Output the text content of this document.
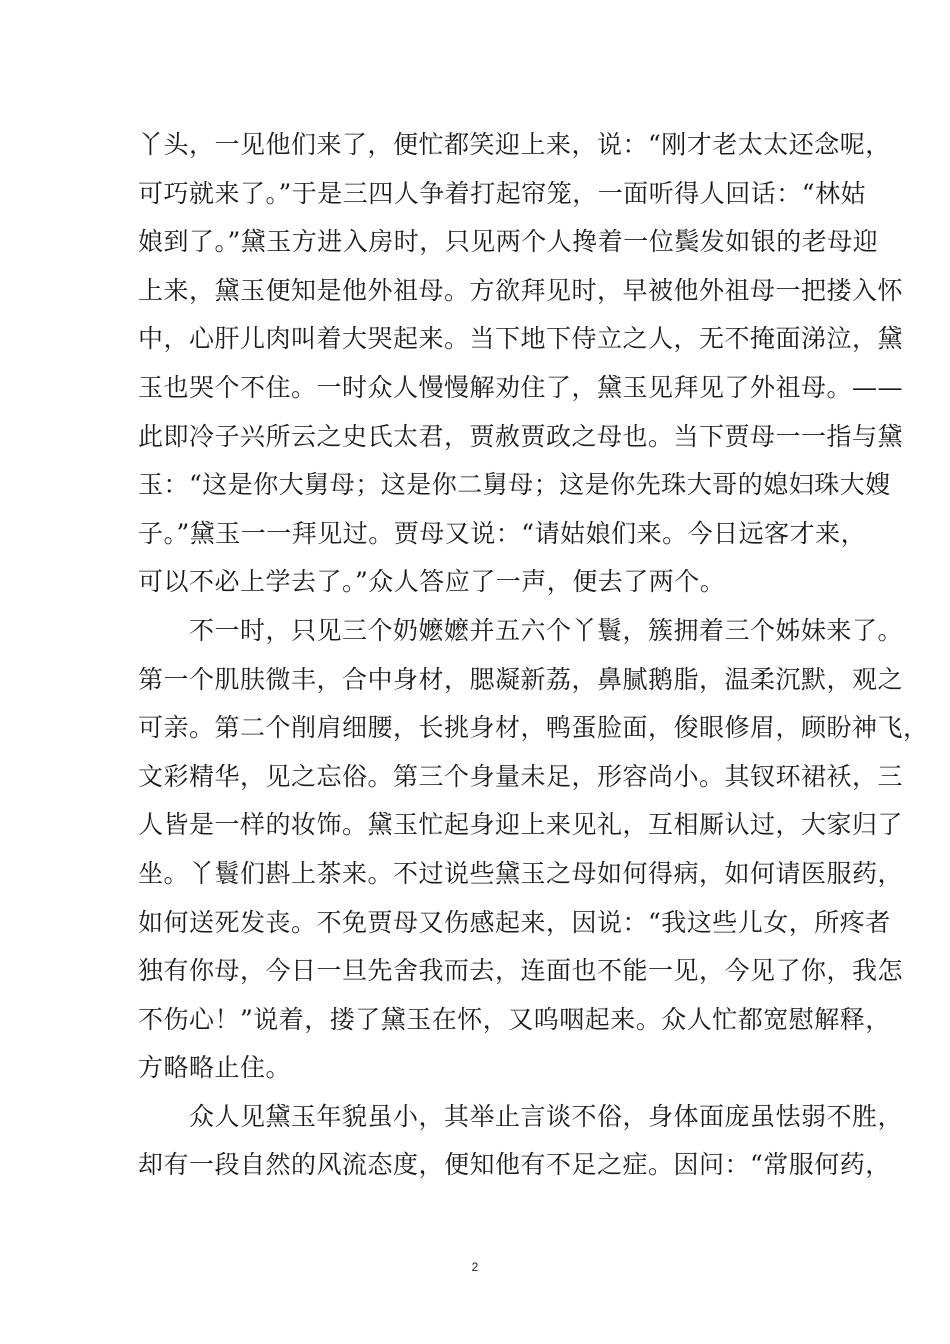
丫头，一见他们来了，便忙都笑迎上来，说：“刚才老太太还念呢，
可巧就来了。”于是三四人争着打起帘笼，一面听得人回话：“林姑
娘到了。”黛玉方进入房时，只见两个人搀着一位鬓发如银的老母迎
上来，黛玉便知是他外祖母。方欲拜见时，早被他外祖母一把搂入怀
中，心肝儿肉叫着大哭起来。当下地下侍立之人，无不掩面涕泣，黛
玉也哭个不住。一时众人慢慢解劝住了，黛玉见拜见了外祖母。——
此即冷子兴所云之史氏太君，贾赦贾政之母也。当下贾母一一指与黛
玉：“这是你大舅母；这是你二舅母；这是你先珠大哥的媳妇珠大嫂
子。”黛玉一一拜见过。贾母又说：“请姑娘们来。今日远客才来，
可以不必上学去了。”众人答应了一声，便去了两个。
不一时，只见三个奶嬷嬷并五六个丫鬟，簇拥着三个姊妹来了。
第一个肌肤微丰，合中身材，腮凝新荔，鼻腻鹅脂，温柔沉默，观之
可亲。第二个削肩细腰，长挑身材，鸭蛋脸面，俊眼修眉，顾盼神飞，
文彩精华，见之忘俗。第三个身量未足，形容尚小。其钗环裙袄，三
人皆是一样的妆饰。黛玉忙起身迎上来见礼，互相厮认过，大家归了
坐。丫鬟们斟上茶来。不过说些黛玉之母如何得病，如何请医服药，
如何送死发丧。不免贾母又伤感起来，因说：“我这些儿女，所疼者
独有你母，今日一旦先舍我而去，连面也不能一见，今见了你，我怎
不伤心！”说着，搂了黛玉在怀，又呜咽起来。众人忙都宽慰解释，
方略略止住。
众人见黛玉年貌虽小，其举止言谈不俗，身体面庞虽怯弱不胜，
却有一段自然的风流态度，便知他有不足之症。因问：“常服何药，
2
